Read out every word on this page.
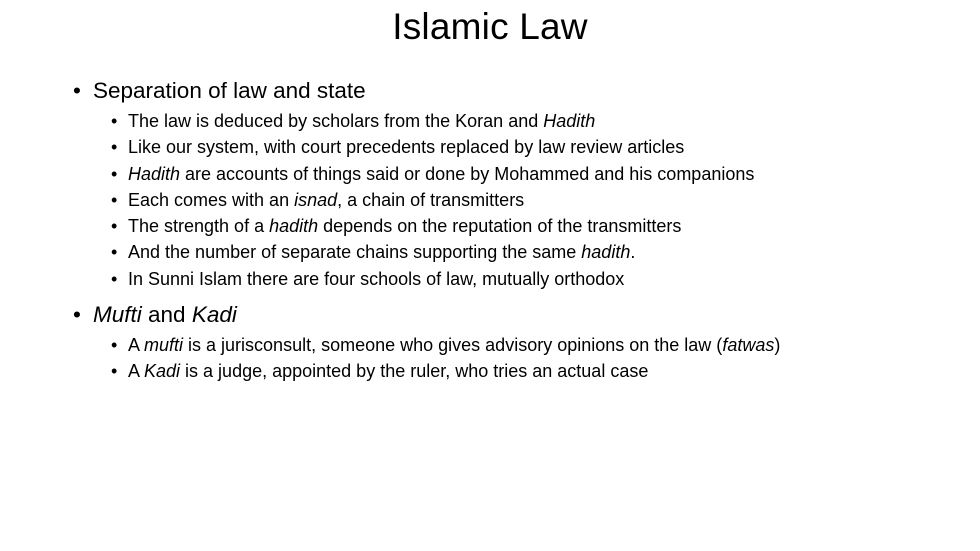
Islamic Law
• Separation of law and state
• The law is deduced by scholars from the Koran and Hadith
• Like our system, with court precedents replaced by law review articles
• Hadith are accounts of things said or done by Mohammed and his companions
• Each comes with an isnad, a chain of transmitters
• The strength of a hadith depends on the reputation of the transmitters
• And the number of separate chains supporting the same hadith.
• In Sunni Islam there are four schools of law, mutually orthodox
• Mufti and Kadi
• A mufti is a jurisconsult, someone who gives advisory opinions on the law (fatwas)
• A Kadi is a judge, appointed by the ruler, who tries an actual case
